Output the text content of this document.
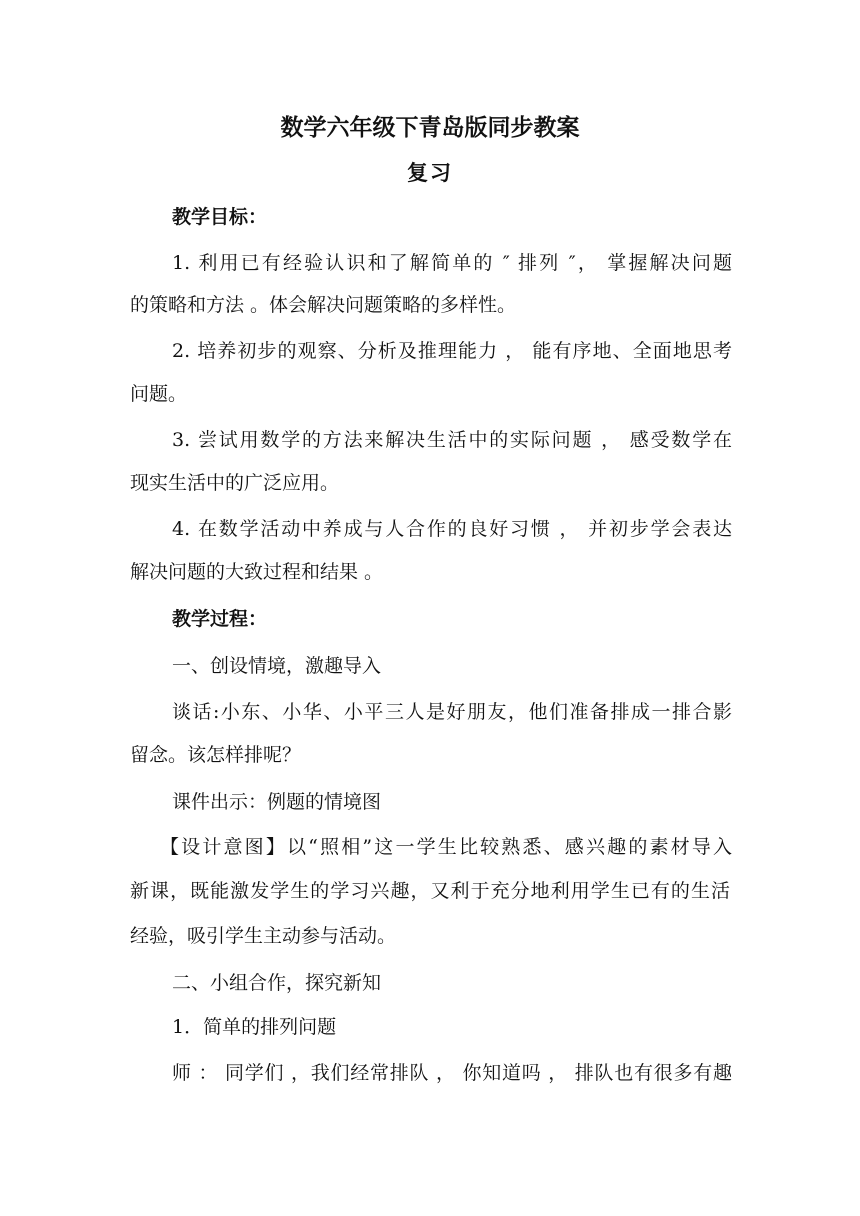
数学六年级下青岛版同步教案
复习
教学目标：
1. 利用已有经验认识和了解简单的 ″ 排列 ″， 掌握解决问题
的策略和方法 。体会解决问题策略的多样性。
2. 培养初步的观察、分析及推理能力 ， 能有序地、全面地思考
问题。
3. 尝试用数学的方法来解决生活中的实际问题 ， 感受数学在
现实生活中的广泛应用。
4. 在数学活动中养成与人合作的良好习惯 ， 并初步学会表达
解决问题的大致过程和结果 。
教学过程：
一、创设情境，激趣导入
谈话:小东、小华、小平三人是好朋友，他们准备排成一排合影
留念。该怎样排呢？
课件出示：例题的情境图
【设计意图】以“照相”这一学生比较熟悉、感兴趣的素材导入
新课，既能激发学生的学习兴趣，又利于充分地利用学生已有的生活
经验，吸引学生主动参与活动。
二、小组合作，探究新知
1．简单的排列问题
师 ： 同学们 ，我们经常排队 ， 你知道吗 ， 排队也有很多有趣
